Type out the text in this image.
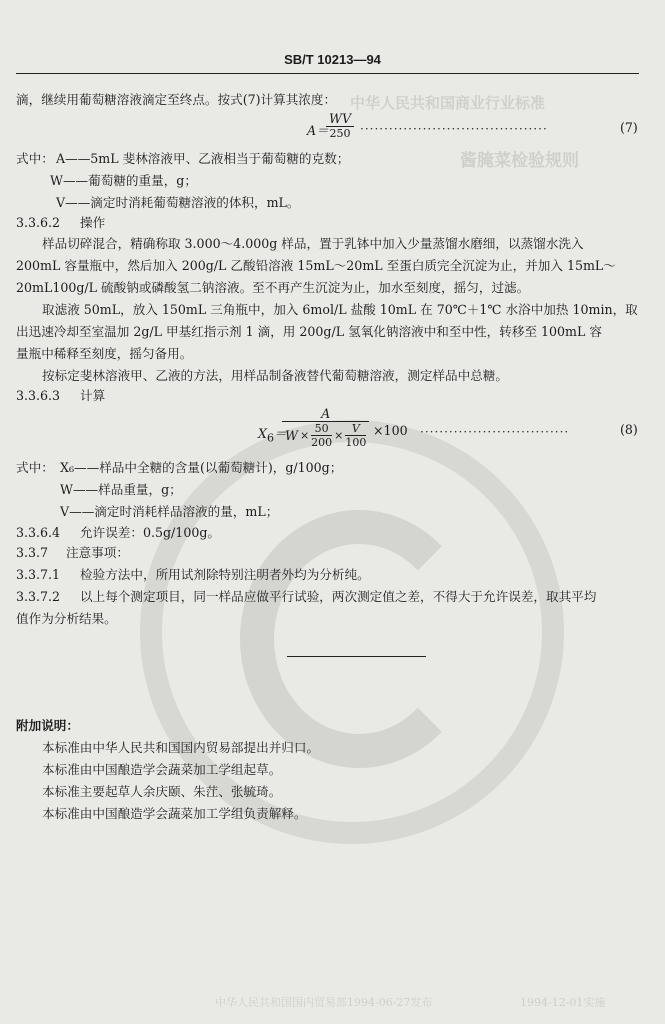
中华人民共和国商业行业标准
酱腌菜检验规则
中华人民共和国国内贸易部1994-06-27发布	1994-12-01实施
SB/T 10213—94
滴，继续用葡萄糖溶液滴定至终点。按式(7)计算其浓度：
A＝
WV
250 ·······································	(7)
式中： A——5mL 斐林溶液甲、乙液相当于葡萄糖的克数；
W——葡萄糖的重量，g；
V——滴定时消耗葡萄糖溶液的体积，mL。
3.3.6.2 操作
样品切碎混合，精确称取 3.000～4.000g 样品，置于乳钵中加入少量蒸馏水磨细，以蒸馏水洗入
200mL 容量瓶中，然后加入 200g/L 乙酸铅溶液 15mL～20mL 至蛋白质完全沉淀为止，并加入 15mL～
20mL100g/L 硫酸钠或磷酸氢二钠溶液。至不再产生沉淀为止，加水至刻度，摇匀，过滤。
取滤液 50mL，放入 150mL 三角瓶中，加入 6mol/L 盐酸 10mL 在 70℃＋1℃ 水浴中加热 10min，取
出迅速冷却至室温加 2g/L 甲基红指示剂 1 滴，用 200g/L 氢氧化钠溶液中和至中性，转移至 100mL 容
量瓶中稀释至刻度，摇匀备用。
按标定斐林溶液甲、乙液的方法，用样品制备液替代葡萄糖溶液，测定样品中总糖。
3.3.6.3 计算
$X_6=$
A
$W \times \frac{50}{200} \times \frac{V}{100} \times 100$ ·······························	(8)
式中： X₆——样品中全糖的含量(以葡萄糖计)，g/100g；
W——样品重量，g；
V——滴定时消耗样品溶液的量，mL；
3.3.6.4 允许误差：0.5g/100g。
3.3.7 注意事项：
3.3.7.1 检验方法中，所用试剂除特别注明者外均为分析纯。
3.3.7.2 以上每个测定项目，同一样品应做平行试验，两次测定值之差，不得大于允许误差，取其平均
值作为分析结果。
附加说明：
本标准由中华人民共和国国内贸易部提出并归口。
本标准由中国酿造学会蔬菜加工学组起草。
本标准主要起草人余庆颐、朱茳、张毓琦。
本标准由中国酿造学会蔬菜加工学组负责解释。
